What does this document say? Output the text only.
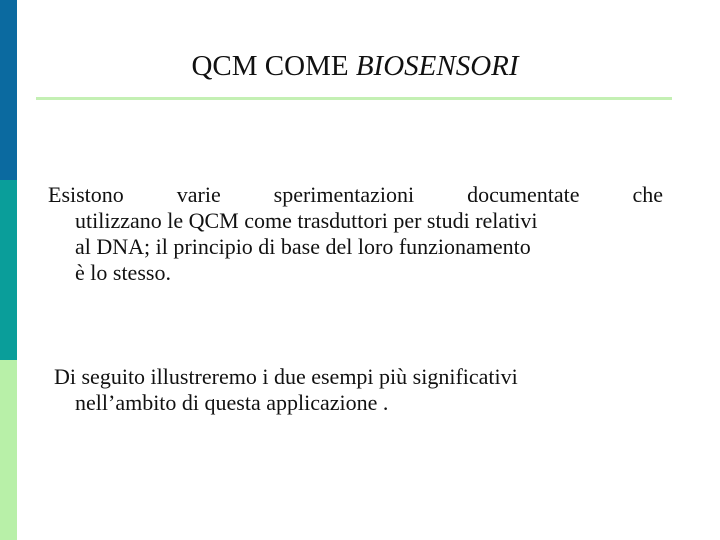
QCM COME BIOSENSORI
Esistono varie sperimentazioni documentate che
utilizzano le QCM come trasduttori per studi relativi
al DNA; il principio di base del loro funzionamento
è lo stesso.
Di seguito illustreremo i due esempi più significativi
nell’ambito di questa applicazione .
